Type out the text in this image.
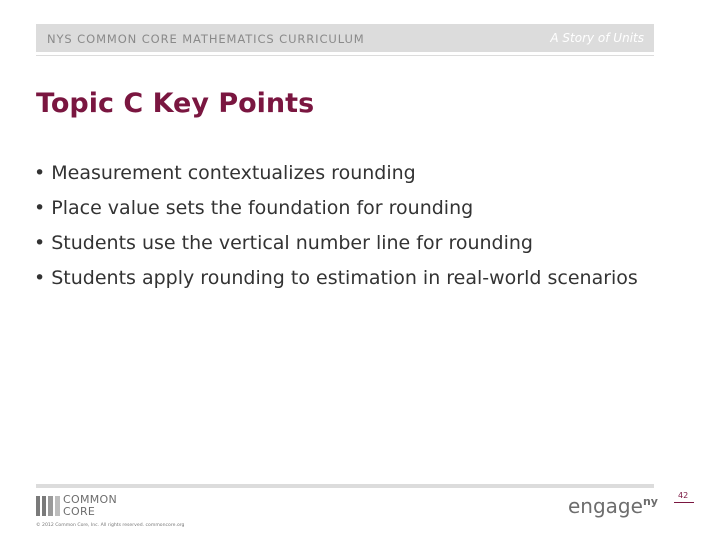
NYS COMMON CORE MATHEMATICS CURRICULUM	A Story of Units
Topic C Key Points
• Measurement contextualizes rounding
• Place value sets the foundation for rounding
• Students use the vertical number line for rounding
• Students apply rounding to estimation in real-world scenarios
COMMON
CORE
© 2012 Common Core, Inc. All rights reserved. commoncore.org
engage$^{ny}$	42
